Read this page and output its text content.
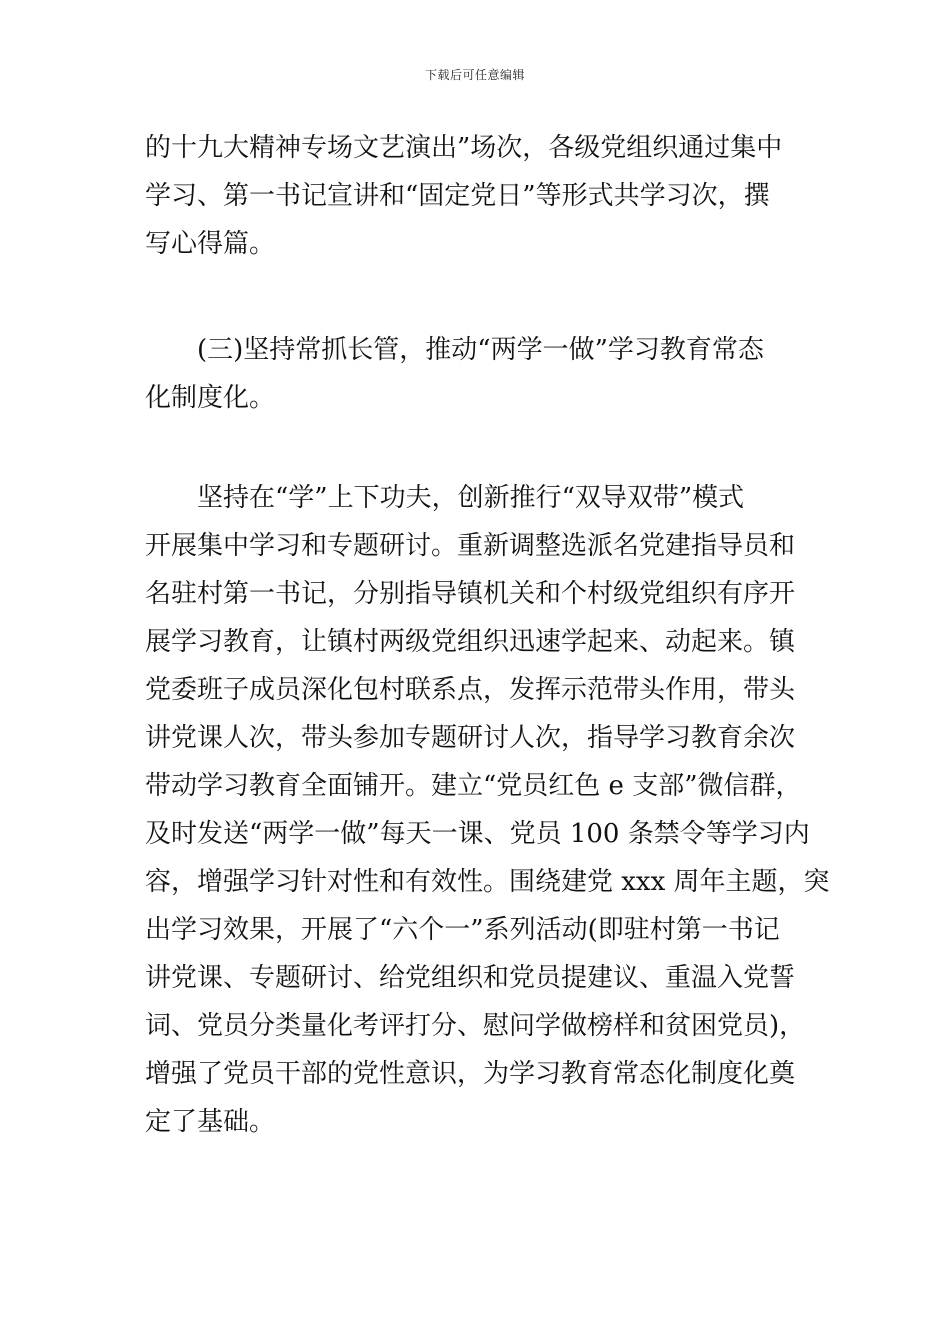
下载后可任意编辑
的十九大精神专场文艺演出”场次，各级党组织通过集中
学习、第一书记宣讲和“固定党日”等形式共学习次，撰
写心得篇。
(三)坚持常抓长管，推动“两学一做”学习教育常态
化制度化。
坚持在“学”上下功夫，创新推行“双导双带”模式
开展集中学习和专题研讨。重新调整选派名党建指导员和
名驻村第一书记，分别指导镇机关和个村级党组织有序开
展学习教育，让镇村两级党组织迅速学起来、动起来。镇
党委班子成员深化包村联系点，发挥示范带头作用，带头
讲党课人次，带头参加专题研讨人次，指导学习教育余次
带动学习教育全面铺开。建立“党员红色 e 支部”微信群，
及时发送“两学一做”每天一课、党员 100 条禁令等学习内
容，增强学习针对性和有效性。围绕建党 xxx 周年主题，突
出学习效果，开展了“六个一”系列活动(即驻村第一书记
讲党课、专题研讨、给党组织和党员提建议、重温入党誓
词、党员分类量化考评打分、慰问学做榜样和贫困党员)，
增强了党员干部的党性意识，为学习教育常态化制度化奠
定了基础。
